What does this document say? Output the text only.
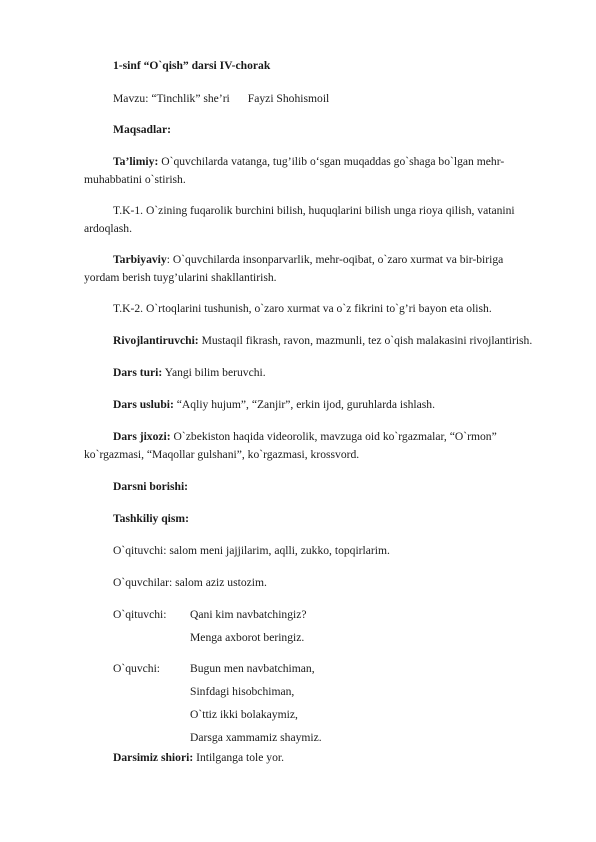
1-sinf “O`qish” darsi IV-chorak
Mavzu: “Tinchlik” she’ri Fayzi Shohismoil
Maqsadlar:
Ta’limiy: O`quvchilarda vatanga, tug’ilib o‘sgan muqaddas go`shaga bo`lgan mehr-
muhabbatini o`stirish.
T.K-1. O`zining fuqarolik burchini bilish, huquqlarini bilish unga rioya qilish, vatanini
ardoqlash.
Tarbiyaviy: O`quvchilarda insonparvarlik, mehr-oqibat, o`zaro xurmat va bir-biriga
yordam berish tuyg’ularini shakllantirish.
T.K-2. O`rtoqlarini tushunish, o`zaro xurmat va o`z fikrini to`g’ri bayon eta olish.
Rivojlantiruvchi: Mustaqil fikrash, ravon, mazmunli, tez o`qish malakasini rivojlantirish.
Dars turi: Yangi bilim beruvchi.
Dars uslubi: “Aqliy hujum”, “Zanjir”, erkin ijod, guruhlarda ishlash.
Dars jixozi: O`zbekiston haqida videorolik, mavzuga oid ko`rgazmalar, “O`rmon”
ko`rgazmasi, “Maqollar gulshani”, ko`rgazmasi, krossvord.
Darsni borishi:
Tashkiliy qism:
O`qituvchi: salom meni jajjilarim, aqlli, zukko, topqirlarim.
O`quvchilar: salom aziz ustozim.
O`qituvchi: Qani kim navbatchingiz?
Menga axborot beringiz.
O`quvchi:	Bugun men navbatchiman,
Sinfdagi hisobchiman,
O`ttiz ikki bolakaymiz,
Darsga xammamiz shaymiz.
Darsimiz shiori: Intilganga tole yor.
